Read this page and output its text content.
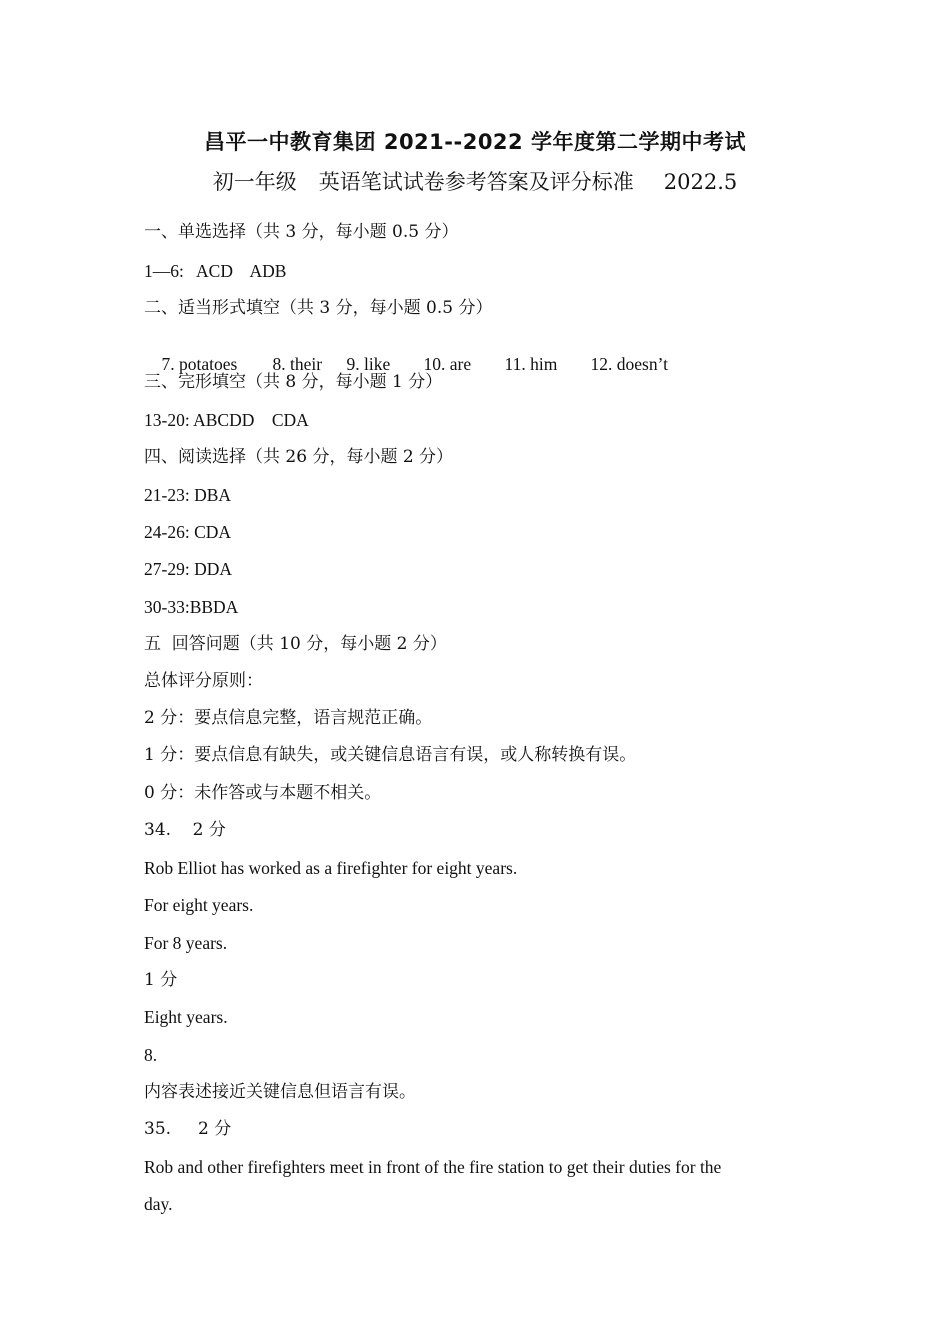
昌平一中教育集团 2021--2022 学年度第二学期中考试
初一年级 英语笔试试卷参考答案及评分标准 2022.5
一、单选选择（共 3 分，每小题 0.5 分）
1—6:   ACD    ADB
二、适当形式填空（共 3 分，每小题 0.5 分）

7. potatoes 8. their 9. like 10. are 11. him 12. doesn’t

三、完形填空（共 8 分，每小题 1 分）
13-20: ABCDD    CDA
四、阅读选择（共 26 分，每小题 2 分）
21-23: DBA
24-26: CDA
27-29: DDA
30-33:BBDA
五  回答问题（共 10 分，每小题 2 分）
总体评分原则：
2 分：要点信息完整，语言规范正确。
1 分：要点信息有缺失，或关键信息语言有误，或人称转换有误。
0 分：未作答或与本题不相关。
34.    2 分
Rob Elliot has worked as a firefighter for eight years.
For eight years.
For 8 years.
1 分
Eight years.
8.
内容表述接近关键信息但语言有误。
35.     2 分
Rob and other firefighters meet in front of the fire station to get their duties for the
day.
